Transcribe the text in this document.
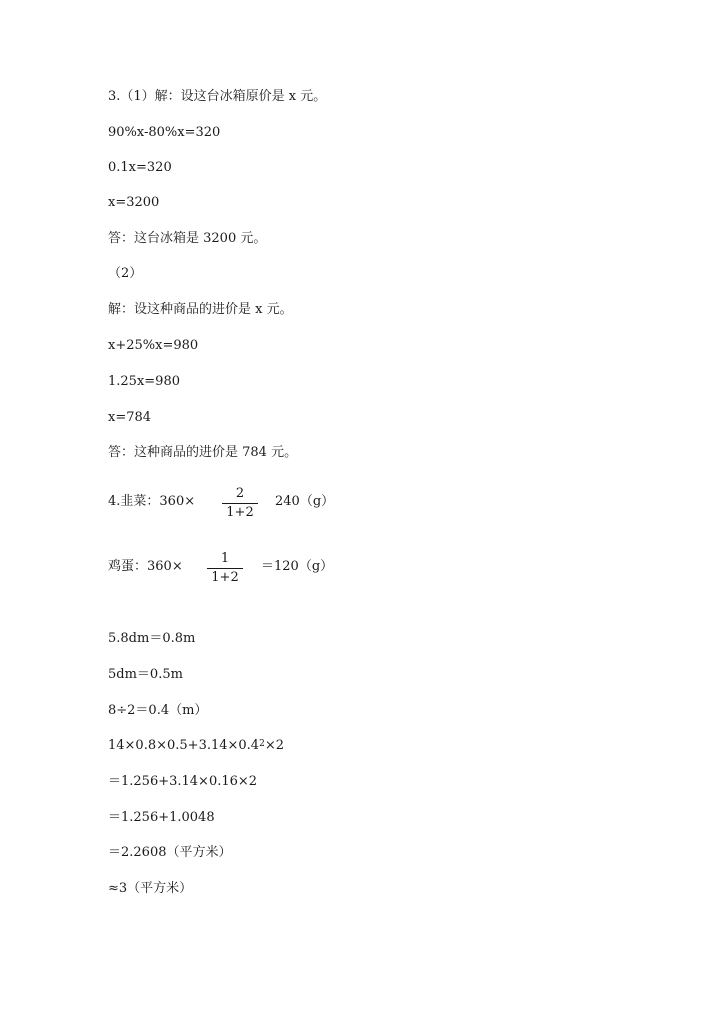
3.（1）解：设这台冰箱原价是 x 元。
90%x-80%x=320
0.1x=320
x=3200
答：这台冰箱是 3200 元。
（2）
解：设这种商品的进价是 x 元。
x+25%x=980
1.25x=980
x=784
答：这种商品的进价是 784 元。
4.韭菜：360×
2
1+2
240（g）
鸡蛋：360×
1
1+2
＝120（g）
5.8dm＝0.8m
5dm＝0.5m
8÷2＝0.4（m）
$14\times 0.8\times 0.5+3.14\times 0.4^2\times 2$
＝1.256+3.14×0.16×2
＝1.256+1.0048
＝2.2608（平方米）
≈3（平方米）
